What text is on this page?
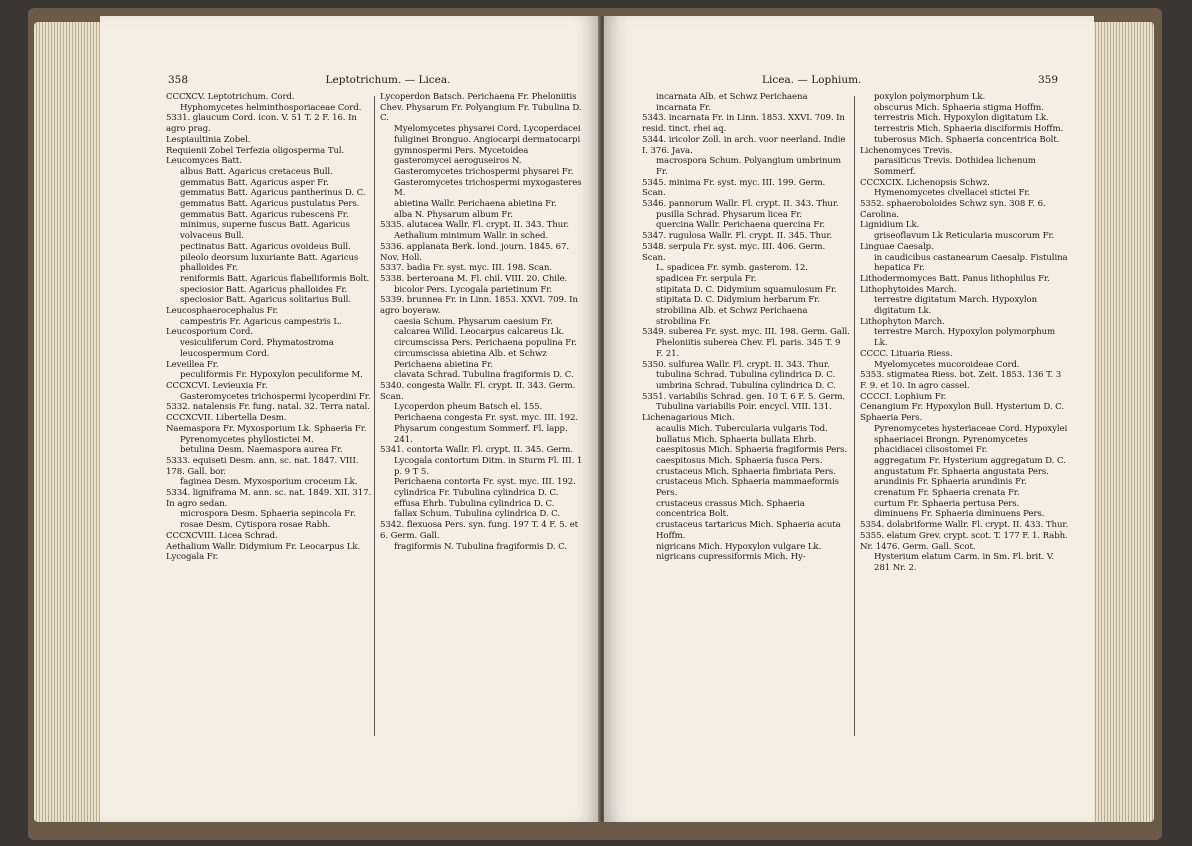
358	Leptotrichum. — Licea.
CCCXCV. Leptotrichum. Cord.
Hyphomycetes helminthosporiaceae Cord.
5331. glaucum Cord. icon. V. 51 T. 2 F. 16. In agro prag.
Lespiaultinia Zobel.
Requienii Zobel Terfezia oligosperma Tul.
Leucomyces Batt.
albus Batt. Agaricus cretaceus Bull.
gemmatus Batt. Agaricus asper Fr.
gemmatus Batt. Agaricus pantherinus D. C.
gemmatus Batt. Agaricus pustulatus Pers.
gemmatus Batt. Agaricus rubescens Fr.
minimus, superne fuscus Batt. Agaricus volvaceus Bull.
pectinatus Batt. Agaricus ovoideus Bull.
pileolo deorsum luxuriante Batt. Agaricus phalloides Fr.
reniformis Batt. Agaricus flabelliformis Bolt.
speciosior Batt. Agaricus phalloides Fr.
speciosior Batt. Agaricus solitarius Bull.
Leucosphaerocephalus Fr.
campestris Fr. Agaricus campestris L.
Leucosporium Cord.
vesiculiferum Cord. Phymatostroma leucospermum Cord.
Leveillea Fr.
peculiformis Fr. Hypoxylon peculiforme M.
CCCXCVI. Levieuxia Fr.
Gasteromycetes trichospermi lycoperdini Fr.
5332. natalensis Fr. fung. natal. 32. Terra natal.
CCCXCVII. Libertella Desm.
Naemaspora Fr. Myxosporium Lk. Sphaeria Fr.
Pyrenomycetes phyllostictei M.
betulina Desm. Naemaspora aurea Fr.
5333. equiseti Desm. ann. sc. nat. 1847. VIII. 178. Gall. bor.
faginea Desm. Myxosporium croceum Lk.
5334. ligniframa M. ann. sc. nat. 1849. XII. 317. In agro sedan.
microspora Desm. Sphaeria sepincola Fr.
rosae Desm. Cytispora rosae Rabh.
CCCXCVIII. Licea Schrad.
Aethalium Wallr. Didymium Fr. Leocarpus Lk. Lycogala Fr.
Lycoperdon Batsch. Perichaena Fr. Pheloniitis Chev. Physarum Fr. Polyangium Fr. Tubulina D. C.
Myelomycetes physarei Cord. Lycoperdacei fuliginei Bronguo. Angiocarpi dermatocarpi gymnospermi Pers. Mycetoidea gasteromycei aeroguseiros N. Gasteromycetes trichospermi physarei Fr. Gasteromycetes trichospermi myxogasteres M.
abietina Wallr. Perichaena abietina Fr.
alba N. Physarum album Fr.
5335. alutacea Wallr. Fl. crypt. II. 343. Thur.
Aethalium minimum Wallr. in sched.
5336. applanata Berk. lond. journ. 1845. 67. Nov. Holl.
5337. badia Fr. syst. myc. III. 198. Scan.
5338. berteroana M. Fl. chil. VIII. 20. Chile.
bicolor Pers. Lycogala parietinum Fr.
5339. brunnea Fr. in Linn. 1853. XXVI. 709. In agro boyeraw.
caesia Schum. Physarum caesium Fr.
calcarea Willd. Leocarpus calcareus Lk.
circumscissa Pers. Perichaena populina Fr.
circumscissa abietina Alb. et Schwz Perichaena abietina Fr.
clavata Schrad. Tubulina fragiformis D. C.
5340. congesta Wallr. Fl. crypt. II. 343. Germ. Scan.
Lycoperdon pheum Batsch el. 155.
Perichaena congesta Fr. syst. myc. III. 192.
Physarum congestum Sommerf. Fl. lapp. 241.
5341. contorta Wallr. Fl. crypt. II. 345. Germ.
Lycogala contortum Ditm. in Sturm Fl. III. 1 p. 9 T 5.
Perichaena contorta Fr. syst. myc. III. 192.
cylindrica Fr. Tubulina cylindrica D. C.
effusa Ehrb. Tubulina cylindrica D. C.
fallax Schum. Tubulina cylindrica D. C.
5342. flexuosa Pers. syn. fung. 197 T. 4 F. 5. et 6. Germ. Gall.
fragiformis N. Tubulina fragiformis D. C.
Licea. — Lophium.	359
incarnata Alb. et Schwz Perichaena incarnata Fr.
5343. incarnata Fr. in Linn. 1853. XXVI. 709. In resid. tinct. rhei aq.
5344. iricolor Zoll. in arch. voor neerland. Indie I. 376. Java.
macrospora Schum. Polyangium umbrinum Fr.
5345. minima Fr. syst. myc. III. 199. Germ. Scan.
5346. pannorum Wallr. Fl. crypt. II. 343. Thur.
pusilla Schrad. Physarum licea Fr.
quercina Wallr. Perichaena quercina Fr.
5347. rugulosa Wallr. Fl. crypt. II. 345. Thur.
5348. serpula Fr. syst. myc. III. 406. Germ. Scan.
L. spadicea Fr. symb. gasterom. 12.
spadicea Fr. serpula Fr.
stipitata D. C. Didymium squamulosum Fr.
stipitata D. C. Didymium herbarum Fr.
strobilina Alb. et Schwz Perichaena strobilina Fr.
5349. suberea Fr. syst. myc. III. 198. Germ. Gall.
Pheloniitis suberea Chev. Fl. paris. 345 T. 9 F. 21.
5350. sulfurea Wallr. Fl. crypt. II. 343. Thur.
tubulina Schrad. Tubulina cylindrica D. C.
umbrina Schrad. Tubulina cylindrica D. C.
5351. variabilis Schrad. gen. 10 T. 6 F. 5. Germ.
Tubulina variabilis Poir. encycl. VIII. 131.
Lichenagarious Mich.
acaulis Mich. Tubercularia vulgaris Tod.
bullatus Mich. Sphaeria bullata Ehrb.
caespitosus Mich. Sphaeria fragiformis Pers.
caespitosus Mich. Sphaeria fusca Pers.
crustaceus Mich. Sphaeria fimbriata Pers.
crustaceus Mich. Sphaeria mammaeformis Pers.
crustaceus crassus Mich. Sphaeria concentrica Bolt.
crustaceus tartaricus Mich. Sphaeria acuta Hoffm.
nigricans Mich. Hypoxylon vulgare Lk.
nigricans cupressiformis Mich. Hy-
poxylon polymorphum Lk.
obscurus Mich. Sphaeria stigma Hoffm.
terrestris Mich. Hypoxylon digitatum Lk.
terrestris Mich. Sphaeria disciformis Hoffm.
tuberosus Mich. Sphaeria concentrica Bolt.
Lichenomyces Trevis.
parasiticus Trevis. Dothidea lichenum Sommerf.
CCCXCIX. Lichenopsis Schwz.
Hymenomycetes clvellacei stictei Fr.
5352. sphaeroboloides Schwz syn. 308 F. 6. Carolina.
Lignidium Lk.
griseoflavum Lk Reticularia muscorum Fr.
Linguae Caesalp.
in caudicibus castanearum Caesalp. Fistulina hepatica Fr.
Lithodermomyces Batt. Panus lithophilus Fr.
Lithophytoides March.
terrestre digitatum March. Hypoxylon digitatum Lk.
Lithophyton March.
terrestre March. Hypoxylon polymorphum Lk.
CCCC. Lituaria Riess.
Myelomycetes mucoroideae Cord.
5353. stigmatea Riess. bot. Zeit. 1853. 136 T. 3 F. 9. et 10. In agro cassel.
CCCCI. Lophium Fr.
Cenangium Fr. Hypoxylon Bull. Hysterium D. C. Sphaeria Pers.
Pyrenomycetes hysteriaceae Cord. Hypoxylei sphaeriacei Brongn. Pyrenomycetes phacidiacei clisostomei Fr.
aggregatum Fr. Hysterium aggregatum D. C.
angustatum Fr. Sphaeria angustata Pers.
arundinis Fr. Sphaeria arundinis Fr.
crenatum Fr. Sphaeria crenata Fr.
curtum Fr. Sphaeria pertusa Pers.
diminuens Fr. Sphaeria diminuens Pers.
5354. dolabriforme Wallr. Fl. crypt. II. 433. Thur.
5355. elatum Grev. crypt. scot. T. 177 F. 1. Rabh. Nr. 1476. Germ. Gall. Scot.
Hysterium elatum Carm. in Sm. Fl. brit. V. 281 Nr. 2.
